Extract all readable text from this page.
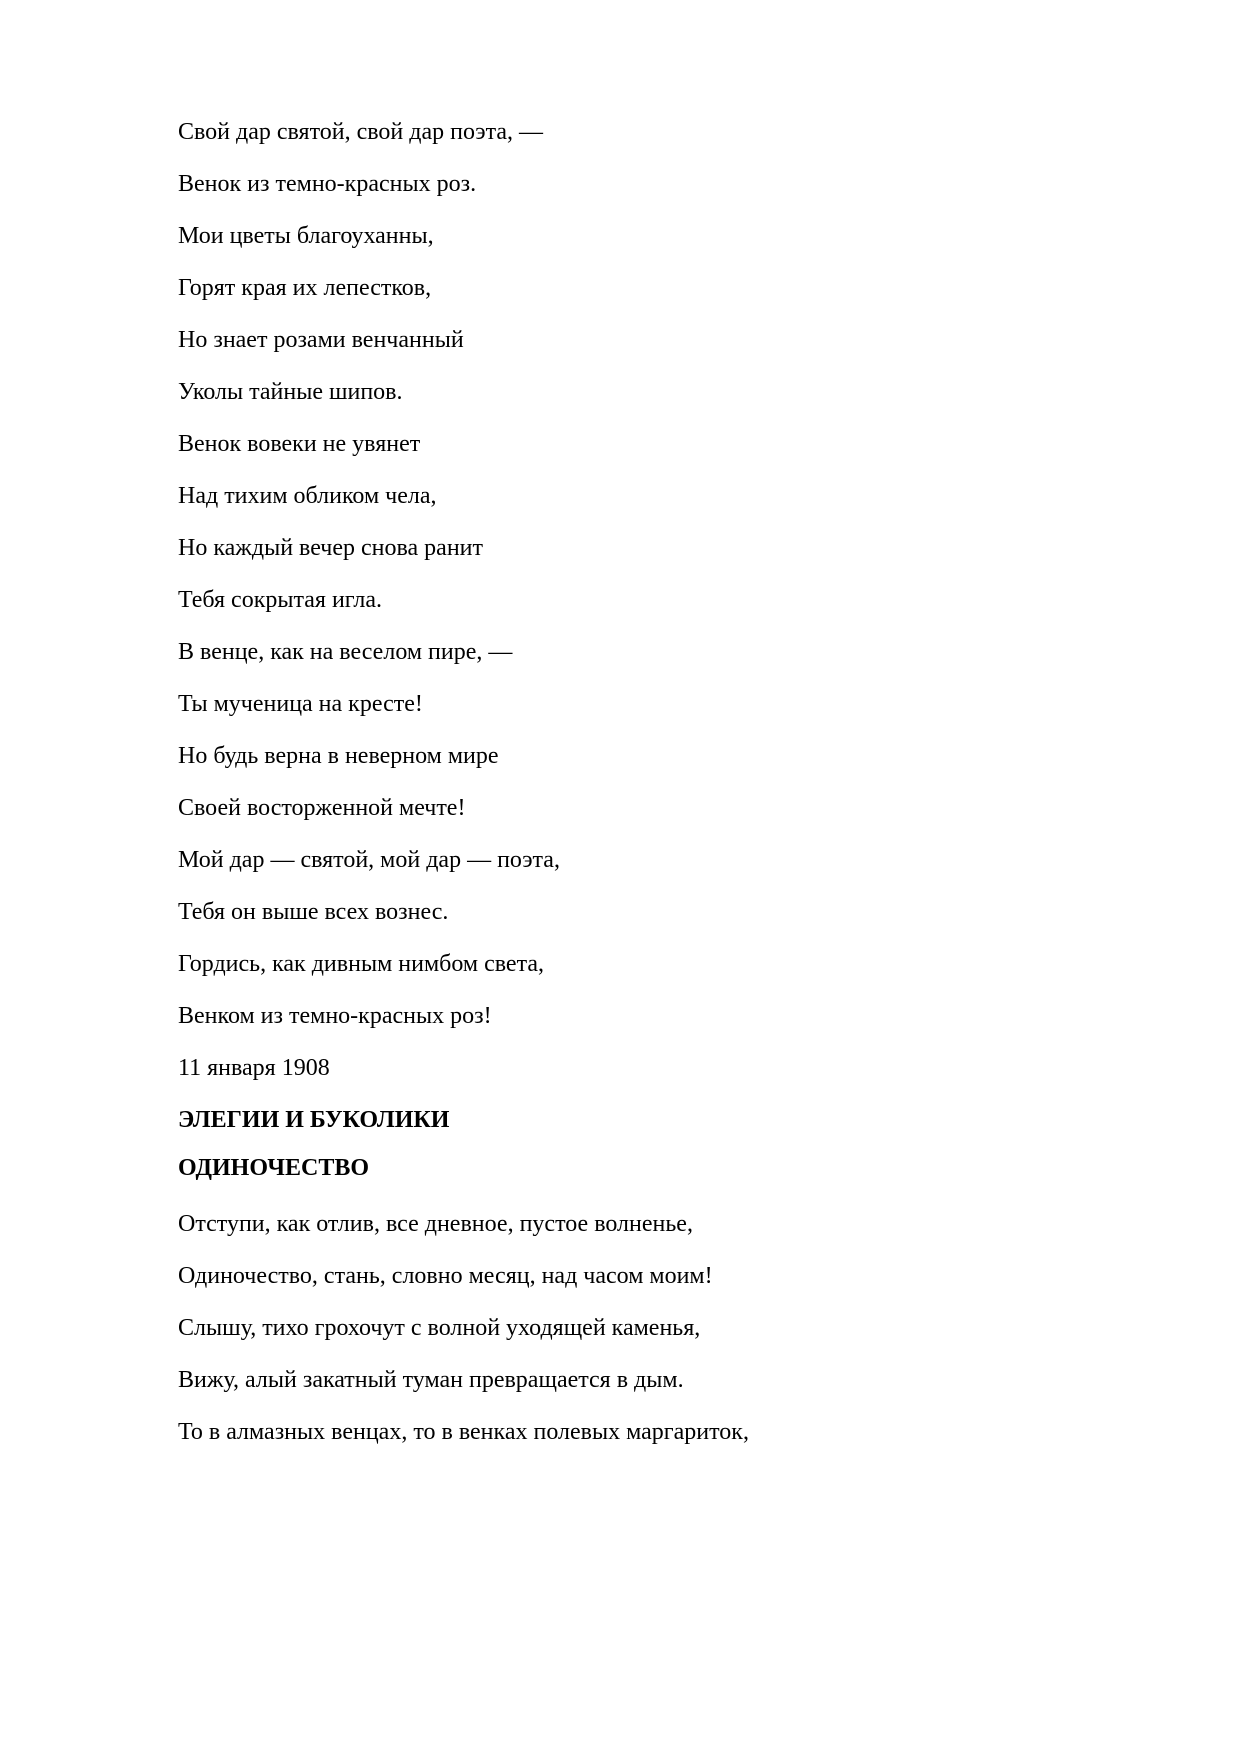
Свой дар святой, свой дар поэта, —
Венок из темно-красных роз.
Мои цветы благоуханны,
Горят края их лепестков,
Но знает розами венчанный
Уколы тайные шипов.
Венок вовеки не увянет
Над тихим обликом чела,
Но каждый вечер снова ранит
Тебя сокрытая игла.
В венце, как на веселом пире, —
Ты мученица на кресте!
Но будь верна в неверном мире
Своей восторженной мечте!
Мой дар — святой, мой дар — поэта,
Тебя он выше всех вознес.
Гордись, как дивным нимбом света,
Венком из темно-красных роз!
11 января 1908
ЭЛЕГИИ И БУКОЛИКИ
ОДИНОЧЕСТВО
Отступи, как отлив, все дневное, пустое волненье,
Одиночество, стань, словно месяц, над часом моим!
Слышу, тихо грохочут с волной уходящей каменья,
Вижу, алый закатный туман превращается в дым.
То в алмазных венцах, то в венках полевых маргариток,
